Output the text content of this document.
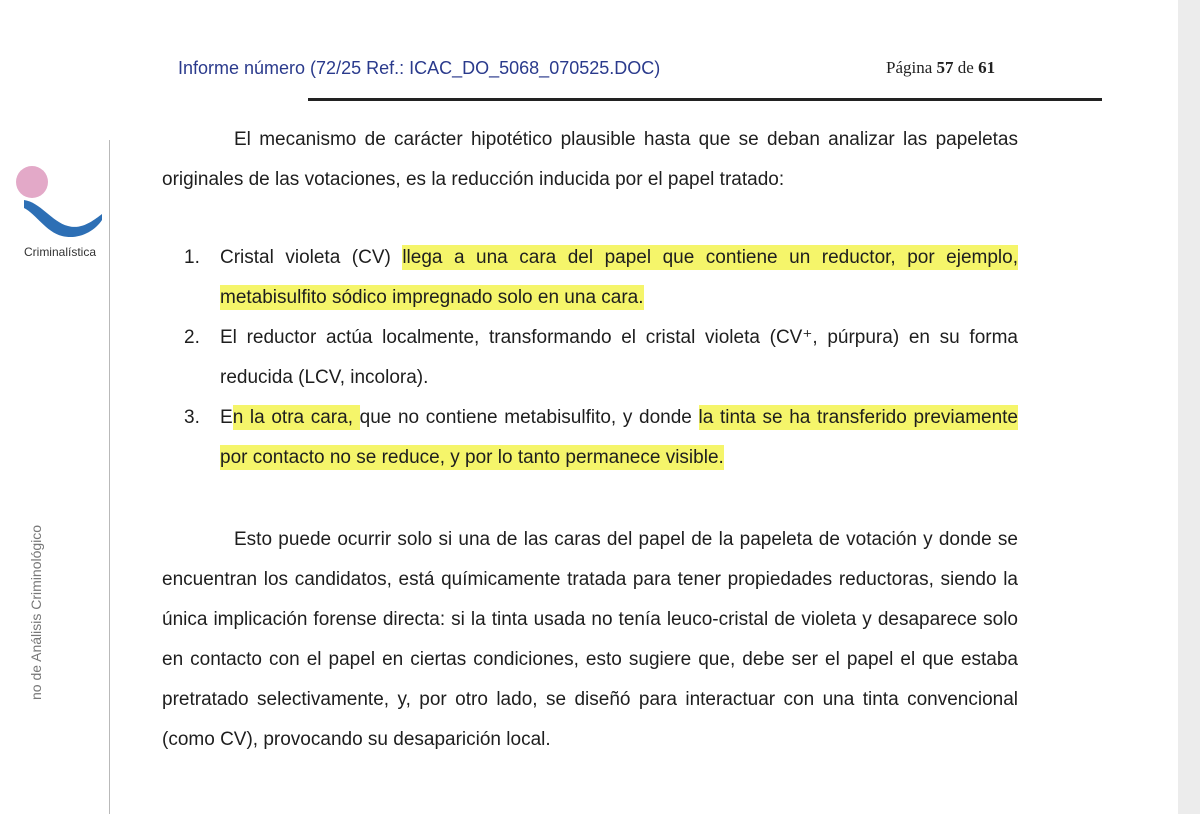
Informe número (72/25 Ref.: ICAC_DO_5068_070525.DOC)	Página 57 de 61
Criminalística
no de Análisis Criminológico
El mecanismo de carácter hipotético plausible hasta que se deban analizar las papeletas originales de las votaciones, es la reducción inducida por el papel tratado:
1. Cristal violeta (CV) llega a una cara del papel que contiene un reductor, por ejemplo, metabisulfito sódico impregnado solo en una cara.
2. El reductor actúa localmente, transformando el cristal violeta (CV⁺, púrpura) en su forma reducida (LCV, incolora).
3. En la otra cara, que no contiene metabisulfito, y donde la tinta se ha transferido previamente por contacto no se reduce, y por lo tanto permanece visible.
Esto puede ocurrir solo si una de las caras del papel de la papeleta de votación y donde se encuentran los candidatos, está químicamente tratada para tener propiedades reductoras, siendo la única implicación forense directa: si la tinta usada no tenía leuco-cristal de violeta y desaparece solo en contacto con el papel en ciertas condiciones, esto sugiere que, debe ser el papel el que estaba pretratado selectivamente, y, por otro lado, se diseñó para interactuar con una tinta convencional (como CV), provocando su desaparición local.
